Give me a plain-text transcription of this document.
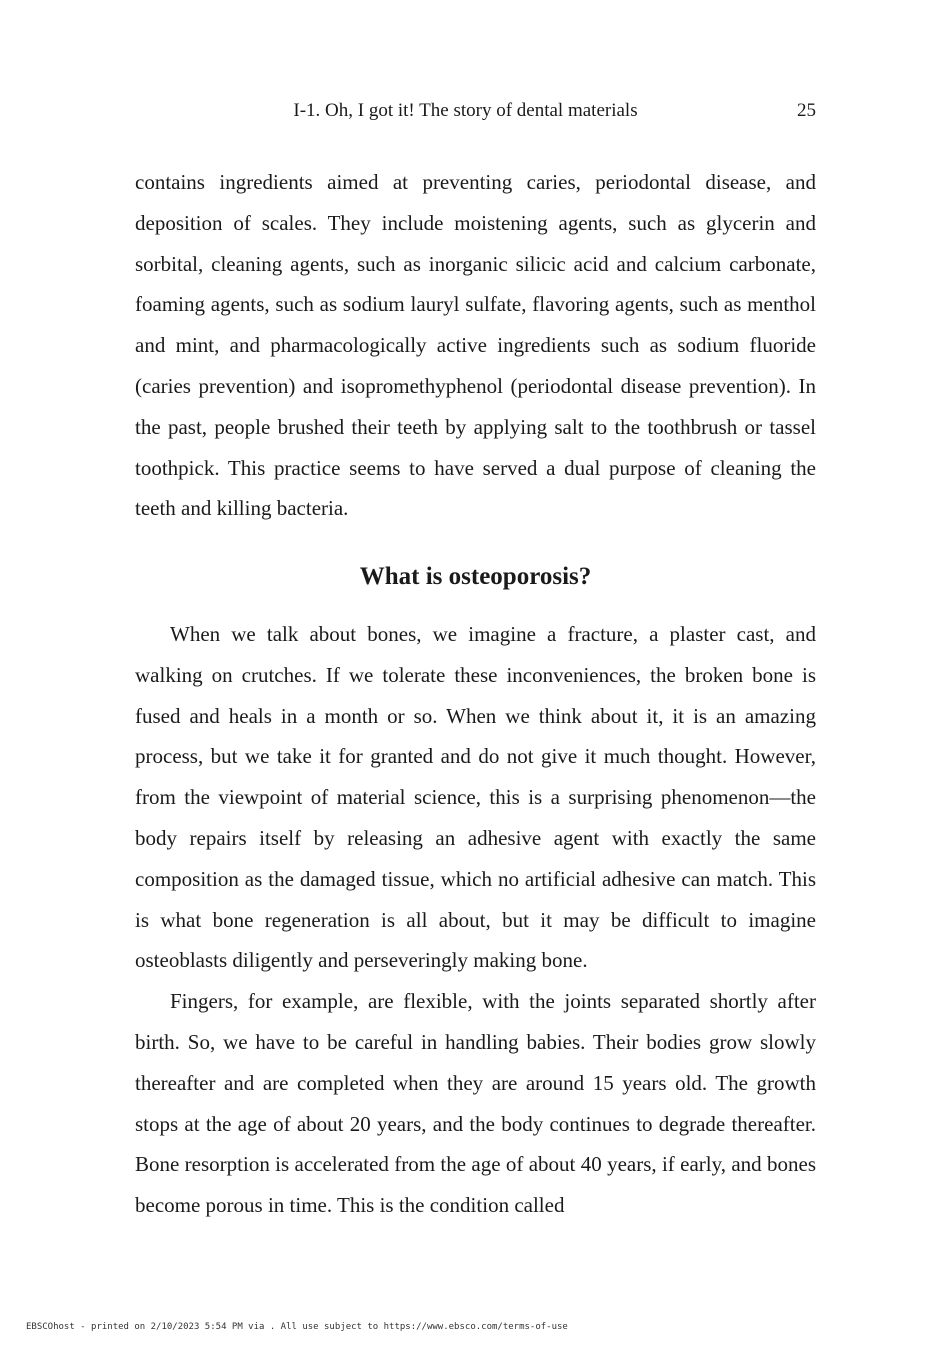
I-1. Oh, I got it! The story of dental materials	25

contains ingredients aimed at preventing caries, periodontal disease, and deposition of scales. They include moistening agents, such as glycerin and sorbital, cleaning agents, such as inorganic silicic acid and calcium carbonate, foaming agents, such as sodium lauryl sulfate, flavoring agents, such as menthol and mint, and pharmacologically active ingredients such as sodium fluoride (caries prevention) and isopromethyphenol (periodontal disease prevention). In the past, people brushed their teeth by applying salt to the toothbrush or tassel toothpick. This practice seems to have served a dual purpose of cleaning the teeth and killing bacteria.

What is osteoporosis?

When we talk about bones, we imagine a fracture, a plaster cast, and walking on crutches. If we tolerate these inconveniences, the broken bone is fused and heals in a month or so. When we think about it, it is an amazing process, but we take it for granted and do not give it much thought. However, from the viewpoint of material science, this is a surprising phenomenon—the body repairs itself by releasing an adhesive agent with exactly the same composition as the damaged tissue, which no artificial adhesive can match. This is what bone regeneration is all about, but it may be difficult to imagine osteoblasts diligently and perseveringly making bone.

Fingers, for example, are flexible, with the joints separated shortly after birth. So, we have to be careful in handling babies. Their bodies grow slowly thereafter and are completed when they are around 15 years old. The growth stops at the age of about 20 years, and the body continues to degrade thereafter. Bone resorption is accelerated from the age of about 40 years, if early, and bones become porous in time. This is the condition called

EBSCOhost - printed on 2/10/2023 5:54 PM via . All use subject to https://www.ebsco.com/terms-of-use
